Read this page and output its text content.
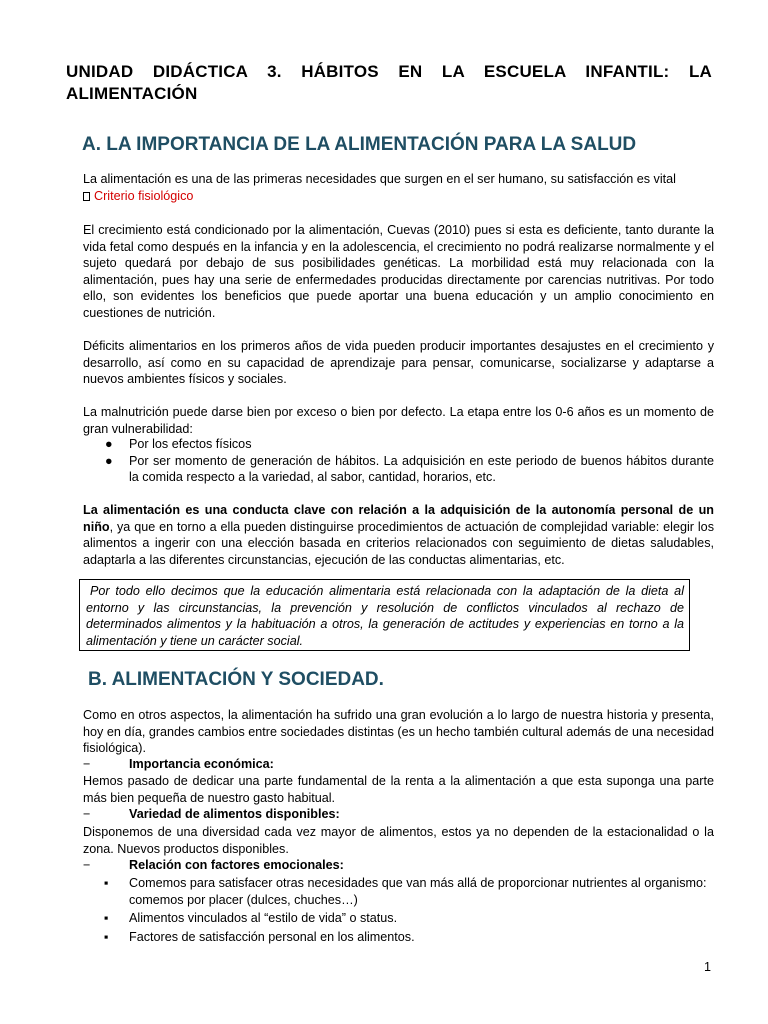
UNIDAD DIDÁCTICA 3. HÁBITOS EN LA ESCUELA INFANTIL: LA
ALIMENTACIÓN
A. LA IMPORTANCIA DE LA ALIMENTACIÓN PARA LA SALUD
La alimentación es una de las primeras necesidades que surgen en el ser humano, su satisfacción es vital
Criterio fisiológico
El crecimiento está condicionado por la alimentación, Cuevas (2010) pues si esta es deficiente, tanto durante la vida fetal como después en la infancia y en la adolescencia, el crecimiento no podrá realizarse normalmente y el sujeto quedará por debajo de sus posibilidades genéticas. La morbilidad está muy relacionada con la alimentación, pues hay una serie de enfermedades producidas directamente por carencias nutritivas. Por todo ello, son evidentes los beneficios que puede aportar una buena educación y un amplio conocimiento en cuestiones de nutrición.
Déficits alimentarios en los primeros años de vida pueden producir importantes desajustes en el crecimiento y desarrollo, así como en su capacidad de aprendizaje para pensar, comunicarse, socializarse y adaptarse a nuevos ambientes físicos y sociales.
La malnutrición puede darse bien por exceso o bien por defecto. La etapa entre los 0-6 años es un momento de gran vulnerabilidad:
● Por los efectos físicos
● Por ser momento de generación de hábitos. La adquisición en este periodo de buenos hábitos durante la comida respecto a la variedad, al sabor, cantidad, horarios, etc.
La alimentación es una conducta clave con relación a la adquisición de la autonomía personal de un niño, ya que en torno a ella pueden distinguirse procedimientos de actuación de complejidad variable: elegir los alimentos a ingerir con una elección basada en criterios relacionados con seguimiento de dietas saludables, adaptarla a las diferentes circunstancias, ejecución de las conductas alimentarias, etc.
Por todo ello decimos que la educación alimentaria está relacionada con la adaptación de la dieta al entorno y las circunstancias, la prevención y resolución de conflictos vinculados al rechazo de determinados alimentos y la habituación a otros, la generación de actitudes y experiencias en torno a la alimentación y tiene un carácter social.
B. ALIMENTACIÓN Y SOCIEDAD.
Como en otros aspectos, la alimentación ha sufrido una gran evolución a lo largo de nuestra historia y presenta, hoy en día, grandes cambios entre sociedades distintas (es un hecho también cultural además de una necesidad fisiológica).
−	Importancia económica:
Hemos pasado de dedicar una parte fundamental de la renta a la alimentación a que esta suponga una parte más bien pequeña de nuestro gasto habitual.
−	Variedad de alimentos disponibles:
Disponemos de una diversidad cada vez mayor de alimentos, estos ya no dependen de la estacionalidad o la zona. Nuevos productos disponibles.
−	Relación con factores emocionales:
▪ Comemos para satisfacer otras necesidades que van más allá de proporcionar nutrientes al organismo: comemos por placer (dulces, chuches…)
▪ Alimentos vinculados al “estilo de vida” o status.
▪ Factores de satisfacción personal en los alimentos.
1
